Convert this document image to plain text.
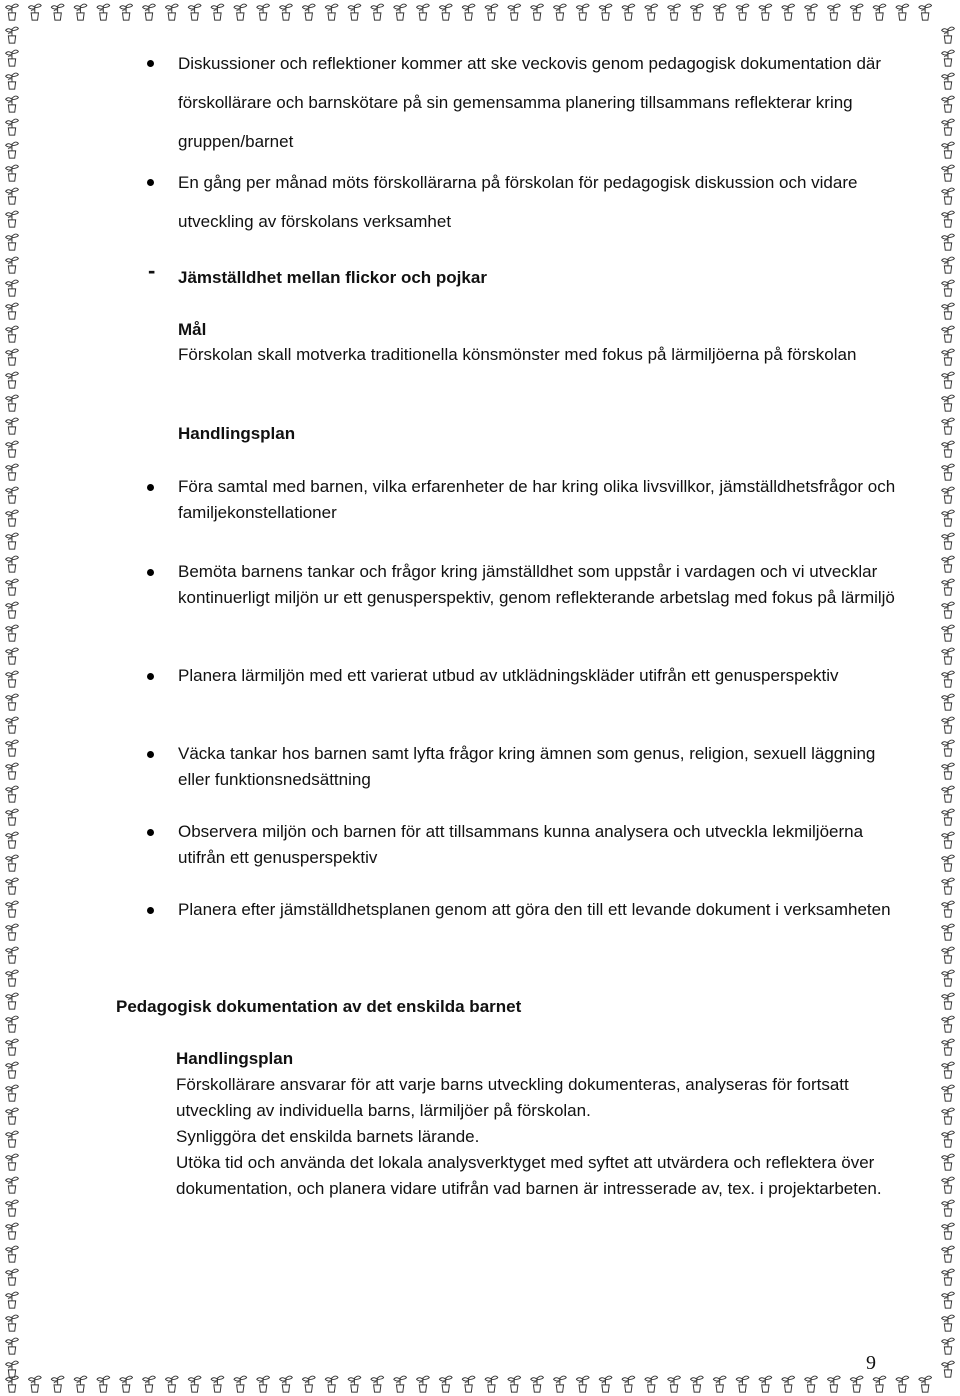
Diskussioner och reflektioner kommer att ske veckovis genom pedagogisk dokumentation där förskollärare och barnskötare på sin gemensamma planering tillsammans reflekterar kring gruppen/barnet
En gång per månad möts förskollärarna på förskolan för pedagogisk diskussion och vidare utveckling av förskolans verksamhet
- Jämställdhet mellan flickor och pojkar
Mål
Förskolan skall motverka traditionella könsmönster med fokus på lärmiljöerna på förskolan
Handlingsplan
Föra samtal med barnen, vilka erfarenheter de har kring olika livsvillkor, jämställdhetsfrågor och familjekonstellationer
Bemöta barnens tankar och frågor kring jämställdhet som uppstår i vardagen och vi utvecklar kontinuerligt miljön ur ett genusperspektiv, genom reflekterande arbetslag med fokus på lärmiljö
Planera lärmiljön med ett varierat utbud av utklädningskläder utifrån ett genusperspektiv
Väcka tankar hos barnen samt lyfta frågor kring ämnen som genus, religion, sexuell läggning eller funktionsnedsättning
Observera miljön och barnen för att tillsammans kunna analysera och utveckla lekmiljöerna utifrån ett genusperspektiv
Planera efter jämställdhetsplanen genom att göra den till ett levande dokument i verksamheten
Pedagogisk dokumentation av det enskilda barnet
Handlingsplan
Förskollärare ansvarar för att varje barns utveckling dokumenteras, analyseras för fortsatt utveckling av individuella barns, lärmiljöer på förskolan.
Synliggöra det enskilda barnets lärande.
Utöka tid och använda det lokala analysverktyget med syftet att utvärdera och reflektera över dokumentation, och planera vidare utifrån vad barnen är intresserade av, tex. i projektarbeten.
9
